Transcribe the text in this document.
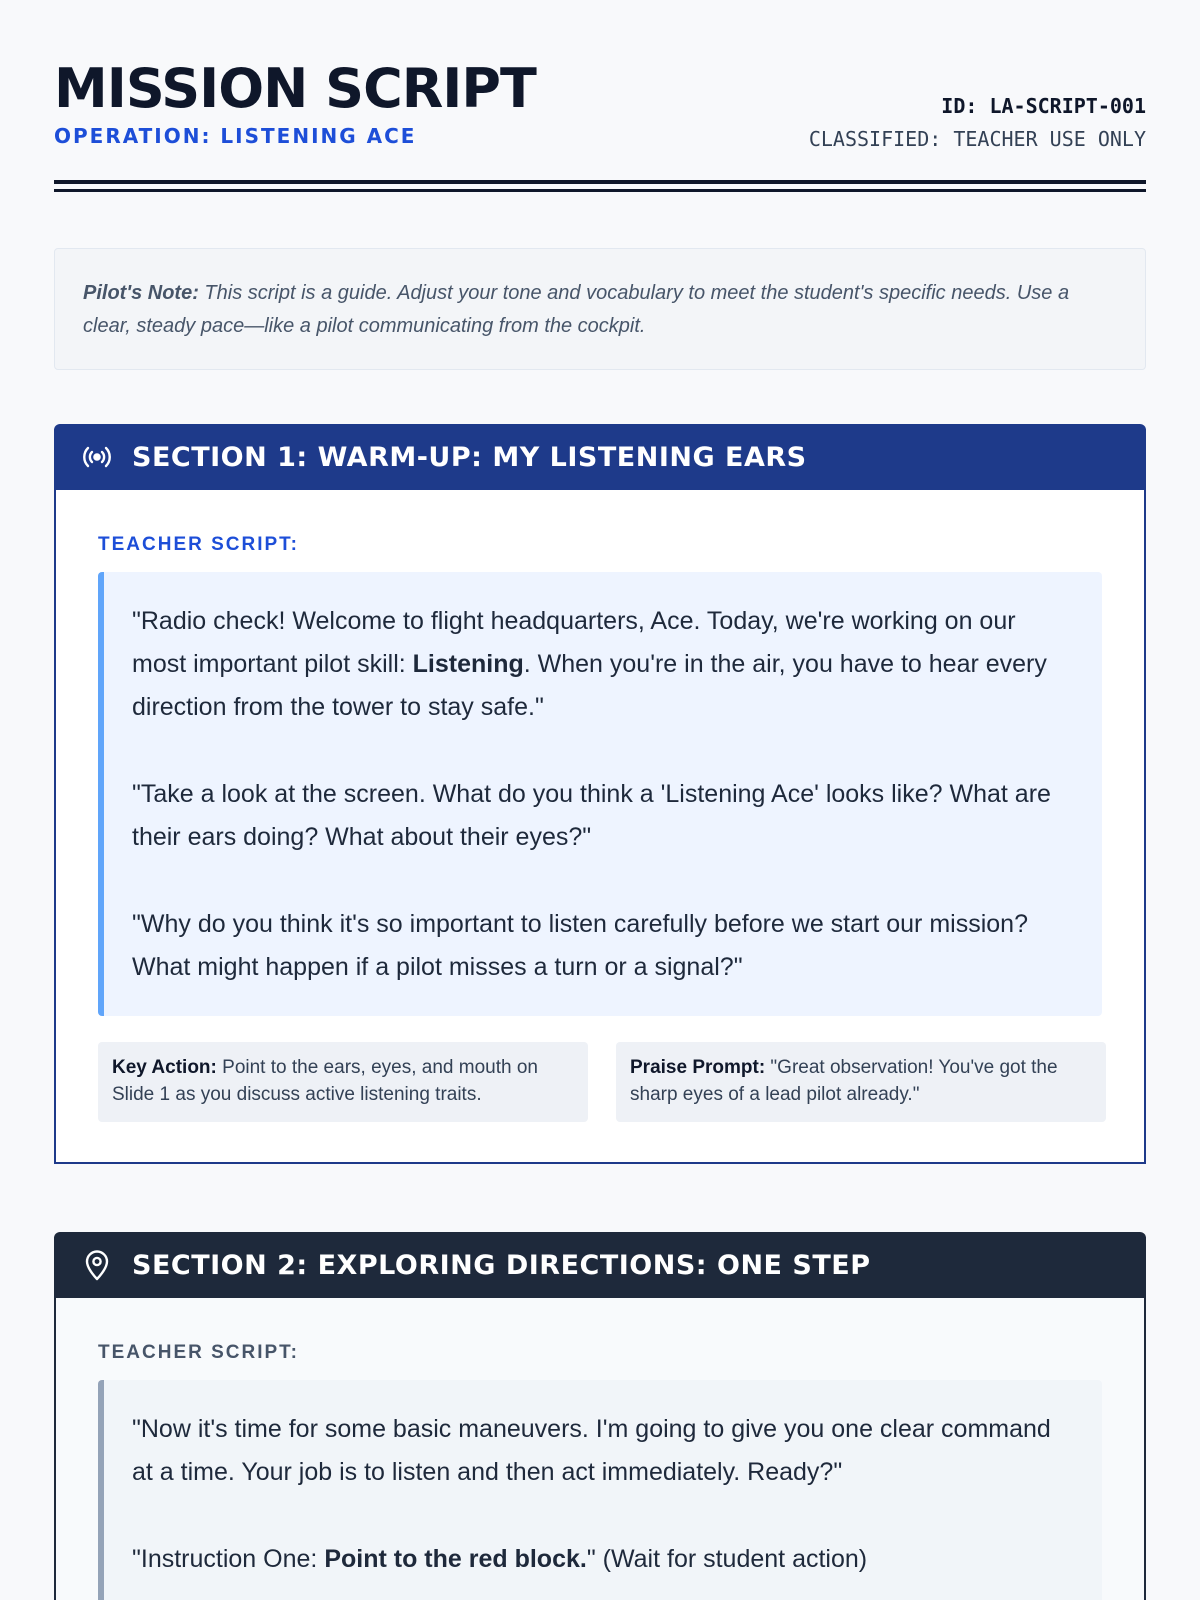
MISSION SCRIPT
OPERATION: LISTENING ACE
ID: LA-SCRIPT-001
CLASSIFIED: TEACHER USE ONLY
Pilot's Note: This script is a guide. Adjust your tone and vocabulary to meet the student's specific needs. Use a clear, steady pace—like a pilot communicating from the cockpit.
SECTION 1: WARM-UP: MY LISTENING EARS
TEACHER SCRIPT:

"Radio check! Welcome to flight headquarters, Ace. Today, we're working on our most important pilot skill: Listening. When you're in the air, you have to hear every direction from the tower to stay safe."

"Take a look at the screen. What do you think a 'Listening Ace' looks like? What are their ears doing? What about their eyes?"

"Why do you think it's so important to listen carefully before we start our mission? What might happen if a pilot misses a turn or a signal?"

Key Action: Point to the ears, eyes, and mouth on Slide 1 as you discuss active listening traits.
Praise Prompt: "Great observation! You've got the sharp eyes of a lead pilot already."
SECTION 2: EXPLORING DIRECTIONS: ONE STEP
TEACHER SCRIPT:

"Now it's time for some basic maneuvers. I'm going to give you one clear command at a time. Your job is to listen and then act immediately. Ready?"

"Instruction One: Point to the red block." (Wait for student action)
